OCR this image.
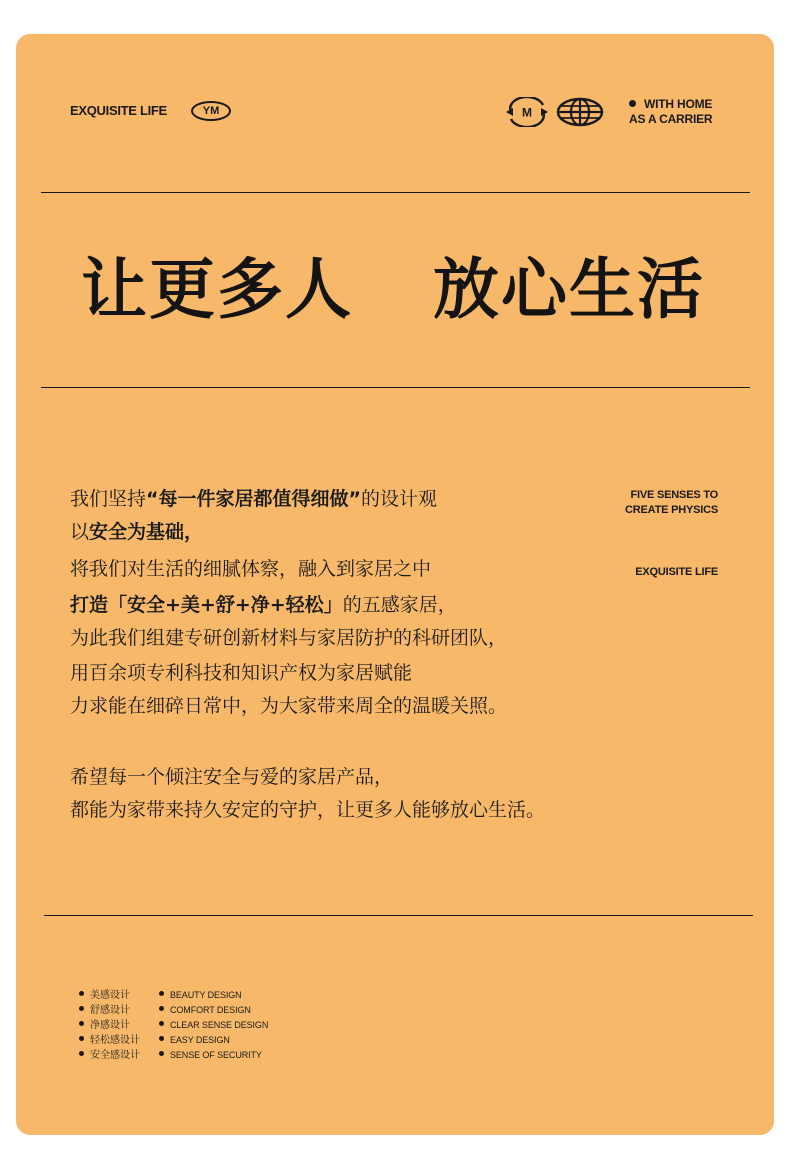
EXQUISITE LIFE	YM	M
WITH HOME
AS A CARRIER
让更多人 放心生活
我们坚持“每一件家居都值得细做”的设计观
以安全为基础，
将我们对生活的细腻体察，融入到家居之中
打造「安全+美+舒+净+轻松」的五感家居，
为此我们组建专研创新材料与家居防护的科研团队，
用百余项专利科技和知识产权为家居赋能
力求能在细碎日常中，为大家带来周全的温暖关照。
希望每一个倾注安全与爱的家居产品，
都能为家带来持久安定的守护，让更多人能够放心生活。
FIVE SENSES TO
CREATE PHYSICS
EXQUISITE LIFE
美感设计
舒感设计
净感设计
轻松感设计
安全感设计
BEAUTY DESIGN
COMFORT DESIGN
CLEAR SENSE DESIGN
EASY DESIGN
SENSE OF SECURITY
